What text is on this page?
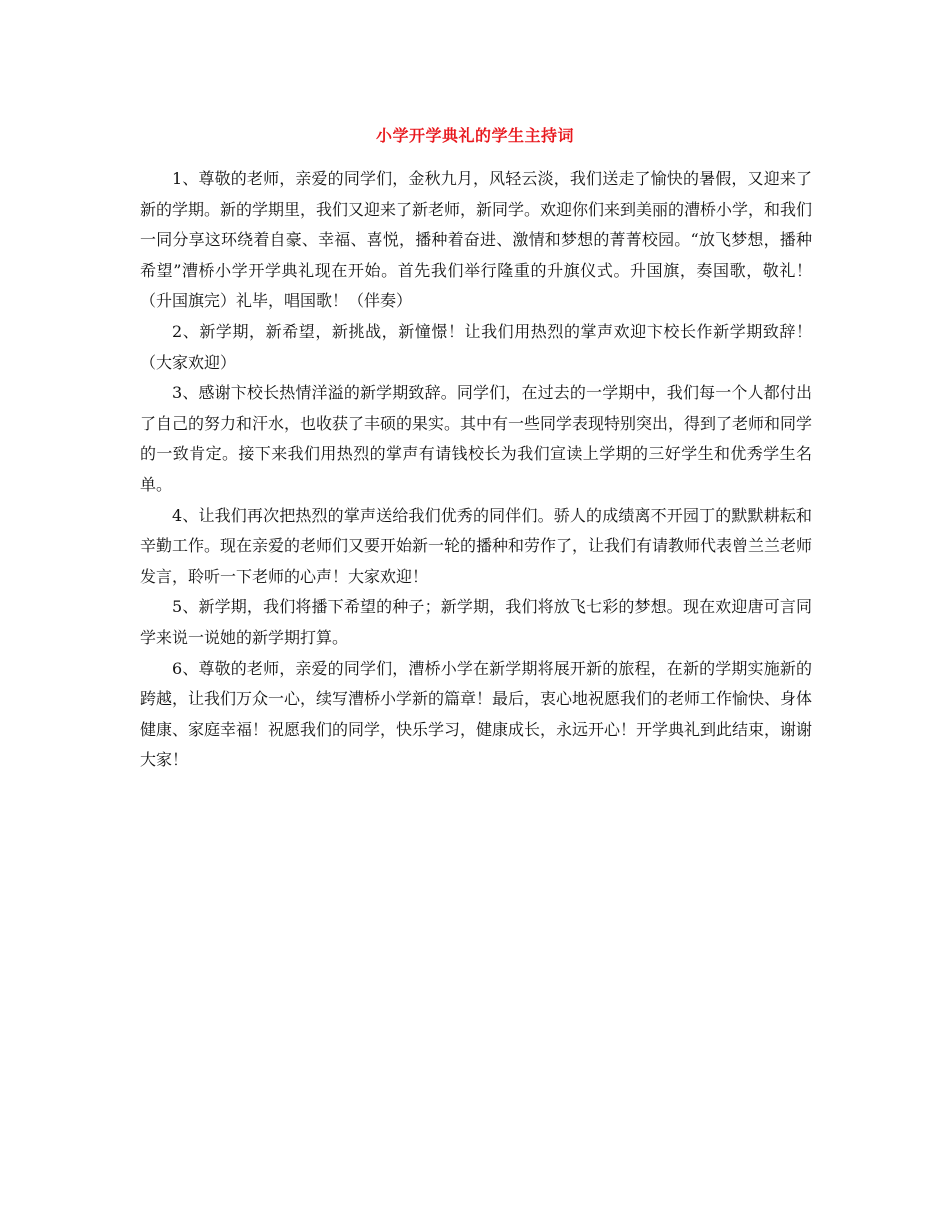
小学开学典礼的学生主持词

1、尊敬的老师，亲爱的同学们，金秋九月，风轻云淡，我们送走了愉快的暑假，又迎来了新的学期。新的学期里，我们又迎来了新老师，新同学。欢迎你们来到美丽的漕桥小学，和我们一同分享这环绕着自豪、幸福、喜悦，播种着奋进、激情和梦想的菁菁校园。“放飞梦想，播种希望”漕桥小学开学典礼现在开始。首先我们举行隆重的升旗仪式。升国旗，奏国歌，敬礼！（升国旗完）礼毕，唱国歌！（伴奏）

2、新学期，新希望，新挑战，新憧憬！让我们用热烈的掌声欢迎卞校长作新学期致辞！（大家欢迎）

3、感谢卞校长热情洋溢的新学期致辞。同学们，在过去的一学期中，我们每一个人都付出了自己的努力和汗水，也收获了丰硕的果实。其中有一些同学表现特别突出，得到了老师和同学的一致肯定。接下来我们用热烈的掌声有请钱校长为我们宣读上学期的三好学生和优秀学生名单。

4、让我们再次把热烈的掌声送给我们优秀的同伴们。骄人的成绩离不开园丁的默默耕耘和辛勤工作。现在亲爱的老师们又要开始新一轮的播种和劳作了，让我们有请教师代表曾兰兰老师发言，聆听一下老师的心声！大家欢迎！

5、新学期，我们将播下希望的种子；新学期，我们将放飞七彩的梦想。现在欢迎唐可言同学来说一说她的新学期打算。

6、尊敬的老师，亲爱的同学们，漕桥小学在新学期将展开新的旅程，在新的学期实施新的跨越，让我们万众一心，续写漕桥小学新的篇章！最后，衷心地祝愿我们的老师工作愉快、身体健康、家庭幸福！祝愿我们的同学，快乐学习，健康成长，永远开心！开学典礼到此结束，谢谢大家！
